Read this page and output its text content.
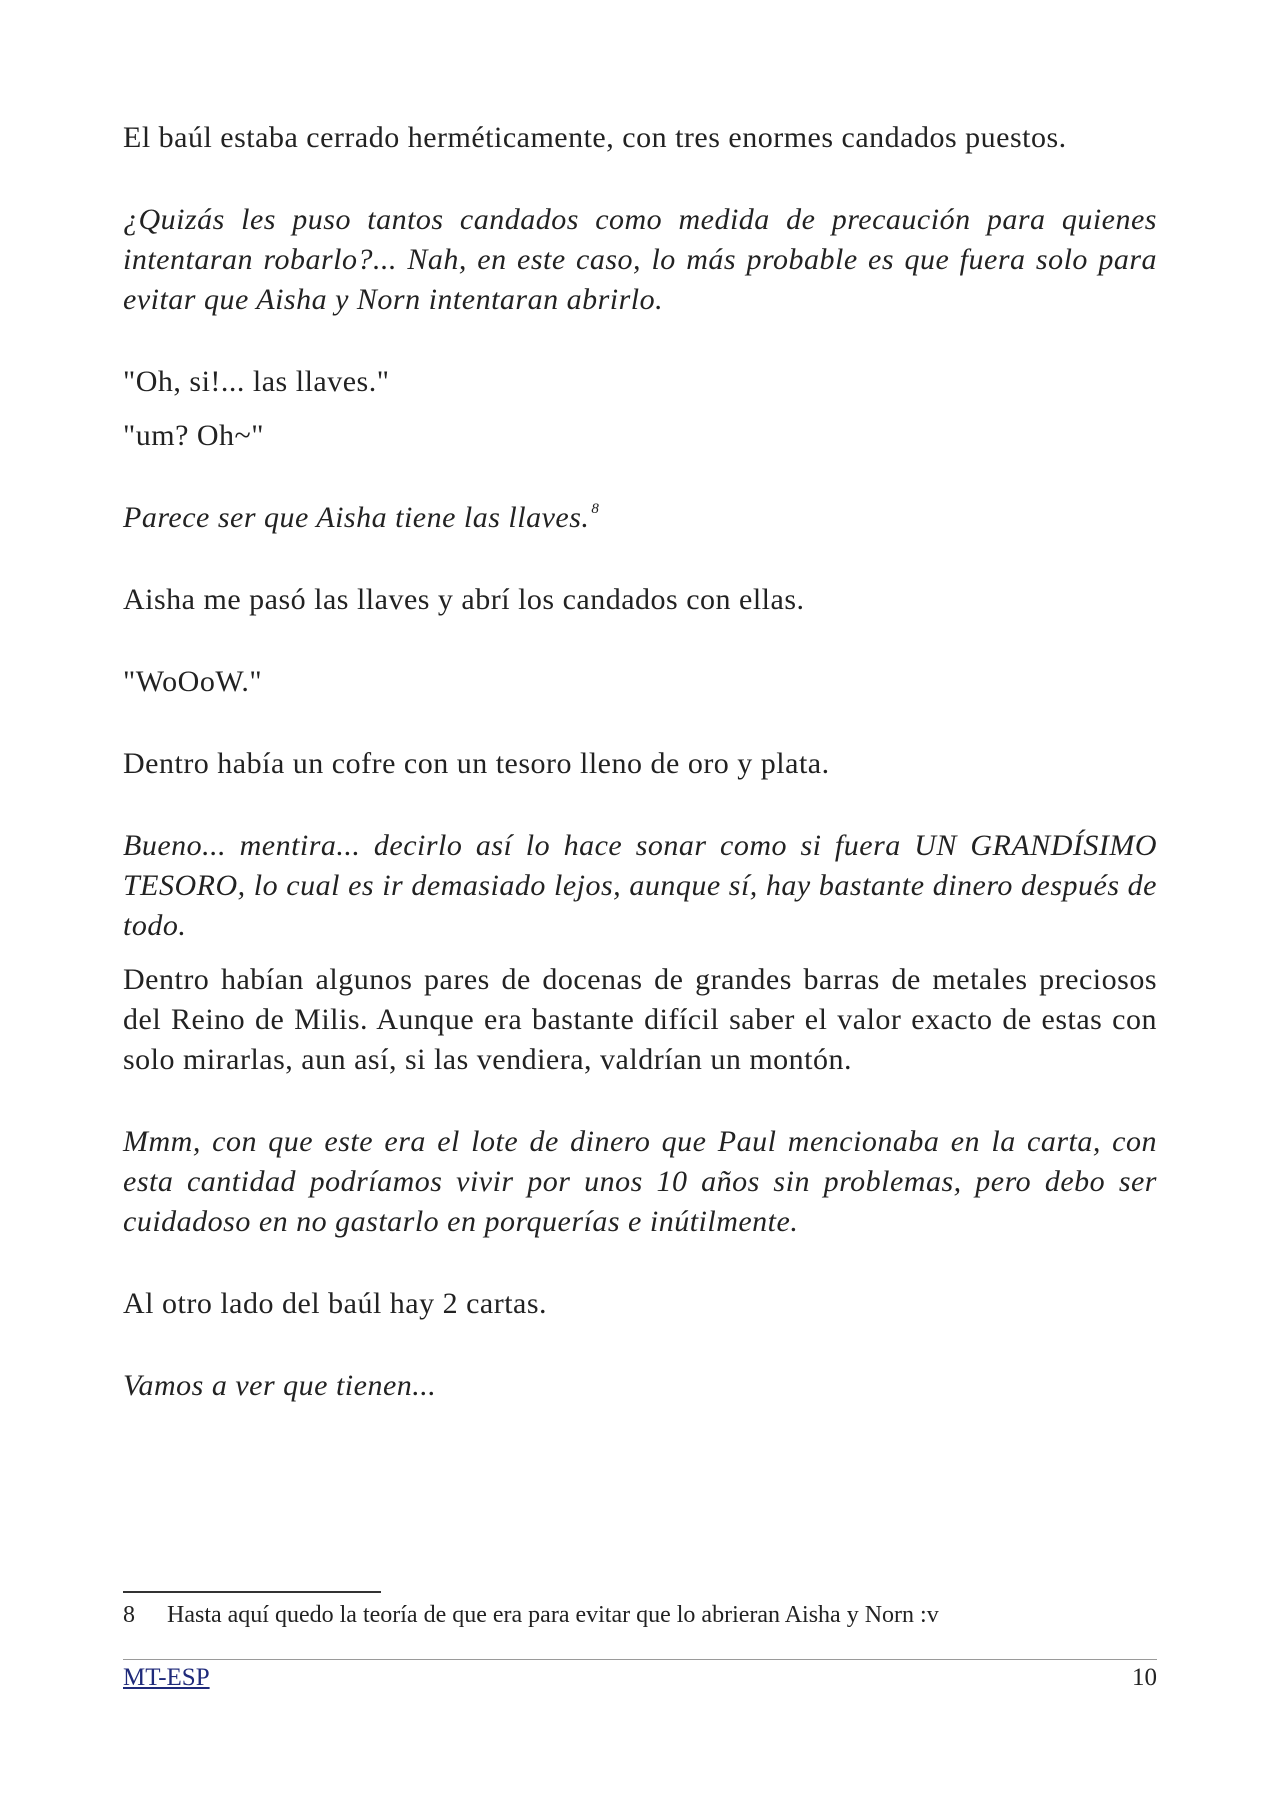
El baúl estaba cerrado herméticamente, con tres enormes candados puestos.

¿Quizás les puso tantos candados como medida de precaución para quienes intentaran robarlo?... Nah, en este caso, lo más probable es que fuera solo para evitar que Aisha y Norn intentaran abrirlo.

"Oh, si!... las llaves."

"um? Oh~"

Parece ser que Aisha tiene las llaves. $^8$

Aisha me pasó las llaves y abrí los candados con ellas.

"WoOoW."

Dentro había un cofre con un tesoro lleno de oro y plata.

Bueno... mentira... decirlo así lo hace sonar como si fuera UN GRANDÍSIMO TESORO, lo cual es ir demasiado lejos, aunque sí, hay bastante dinero después de todo.

Dentro habían algunos pares de docenas de grandes barras de metales preciosos del Reino de Milis. Aunque era bastante difícil saber el valor exacto de estas con solo mirarlas, aun así, si las vendiera, valdrían un montón.

Mmm, con que este era el lote de dinero que Paul mencionaba en la carta, con esta cantidad podríamos vivir por unos 10 años sin problemas, pero debo ser cuidadoso en no gastarlo en porquerías e inútilmente.

Al otro lado del baúl hay 2 cartas.

Vamos a ver que tienen...

8 Hasta aquí quedo la teoría de que era para evitar que lo abrieran Aisha y Norn :v
MT-ESP	10
